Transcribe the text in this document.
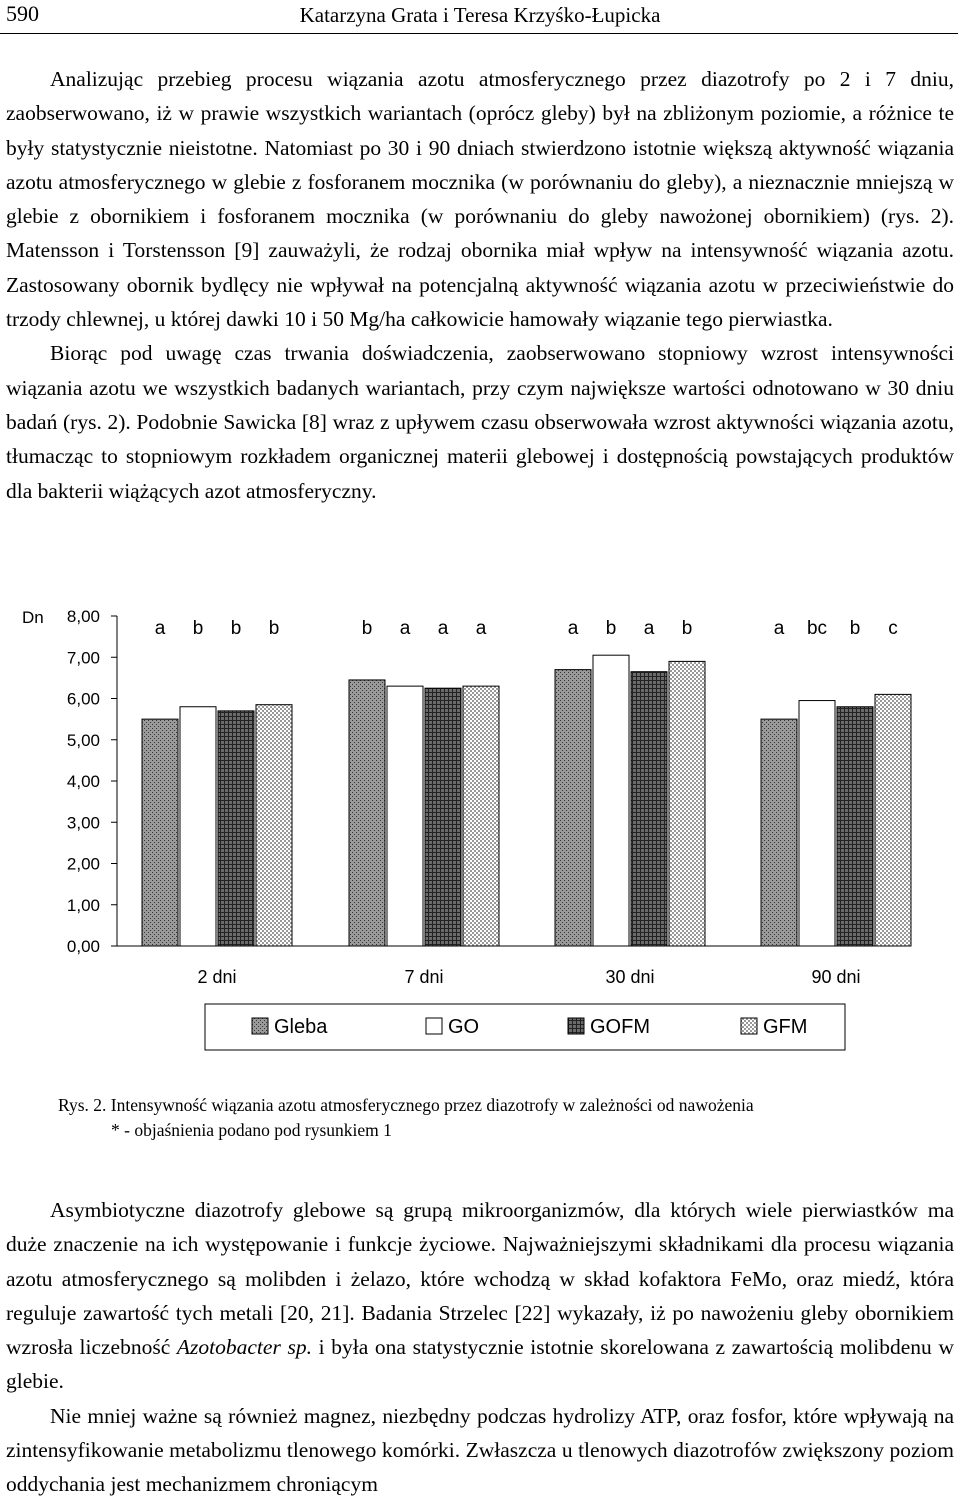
590	Katarzyna Grata i Teresa Krzyśko-Łupicka

Analizując przebieg procesu wiązania azotu atmosferycznego przez diazotrofy po 2 i 7 dniu, zaobserwowano, iż w prawie wszystkich wariantach (oprócz gleby) był na zbliżonym poziomie, a różnice te były statystycznie nieistotne. Natomiast po 30 i 90 dniach stwierdzono istotnie większą aktywność wiązania azotu atmosferycznego w glebie z fosforanem mocznika (w porównaniu do gleby), a nieznacznie mniejszą w glebie z obornikiem i fosforanem mocznika (w porównaniu do gleby nawożonej obornikiem) (rys. 2). Matensson i Torstensson [9] zauważyli, że rodzaj obornika miał wpływ na intensywność wiązania azotu. Zastosowany obornik bydlęcy nie wpływał na potencjalną aktywność wiązania azotu w przeciwieństwie do trzody chlewnej, u której dawki 10 i 50 Mg/ha całkowicie hamowały wiązanie tego pierwiastka.

Biorąc pod uwagę czas trwania doświadczenia, zaobserwowano stopniowy wzrost intensywności wiązania azotu we wszystkich badanych wariantach, przy czym największe wartości odnotowano w 30 dniu badań (rys. 2). Podobnie Sawicka [8] wraz z upływem czasu obserwowała wzrost aktywności wiązania azotu, tłumacząc to stopniowym rozkładem organicznej materii glebowej i dostępnością powstających produktów dla bakterii wiążących azot atmosferyczny.

Dn
0,00
1,00
2,00
3,00
4,00
5,00
6,00
7,00
8,00
a b b b	b a a a	a b a b	a bc b c
2 dni	7 dni	30 dni	90 dni
Gleba	GO	GOFM	GFM
Rys. 2. Intensywność wiązania azotu atmosferycznego przez diazotrofy w zależności od nawożenia
* - objaśnienia podano pod rysunkiem 1

Asymbiotyczne diazotrofy glebowe są grupą mikroorganizmów, dla których wiele pierwiastków ma duże znaczenie na ich występowanie i funkcje życiowe. Najważniejszymi składnikami dla procesu wiązania azotu atmosferycznego są molibden i żelazo, które wchodzą w skład kofaktora FeMo, oraz miedź, która reguluje zawartość tych metali [20, 21]. Badania Strzelec [22] wykazały, iż po nawożeniu gleby obornikiem wzrosła liczebność Azotobacter sp. i była ona statystycznie istotnie skorelowana z zawartością molibdenu w glebie.

Nie mniej ważne są również magnez, niezbędny podczas hydrolizy ATP, oraz fosfor, które wpływają na zintensyfikowanie metabolizmu tlenowego komórki. Zwłaszcza u tlenowych diazotrofów zwiększony poziom oddychania jest mechanizmem chroniącym
